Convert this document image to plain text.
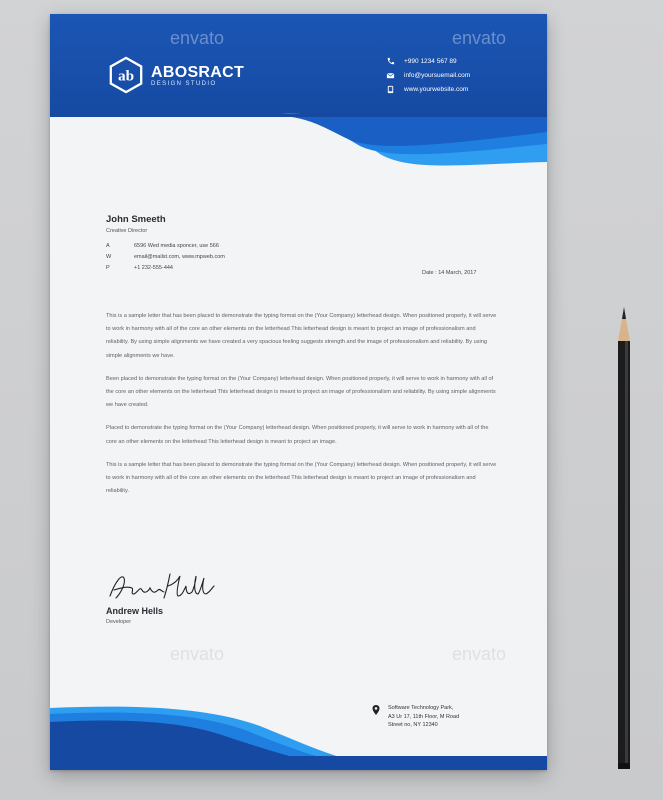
ab ABOSRACT
DESIGN STUDIO
+990 1234 567 89
info@yoursuemail.com
www.yourwebsite.com
envato	envato
envato	envato
John Smeeth
Creative Director
A	6596 Wed media sponcer, use 566
W	email@mailst.com, www.mpweb.com
P	+1 232-555-444
Date : 14 March, 2017

This is a sample letter that has been placed to demonstrate the typing format on the (Your Company) letterhead design. When positioned properly, it will serve to work in harmony with all of the core an other elements on the letterhead This letterhead design is meant to project an image of professionalism and reliability. By using simple alignments we have created a very spacious feeling suggests strength and the image of professionalism and reliability. By using simple alignments we have.

Been placed to demonstrate the typing format on the (Your Company) letterhead design. When positioned properly, it will serve to work in harmony with all of the core an other elements on the letterhead This letterhead design is meant to project an image of professionalism and reliability. By using simple alignments we have created.

Placed to demonstrate the typing format on the (Your Company) letterhead design. When positioned properly, it will serve to work in harmony with all of the core an other elements on the letterhead This letterhead design is meant to project an image.

This is a sample letter that has been placed to demonstrate the typing format on the (Your Company) letterhead design. When positioned properly, it will serve to work in harmony with all of the core an other elements on the letterhead This letterhead design is meant to project an image of professionalism and reliability.

Andrew Hells
Developer
Software Technology Park,
A3 Ur 17, 11th Floor, M Road
Street no, NY 12340
